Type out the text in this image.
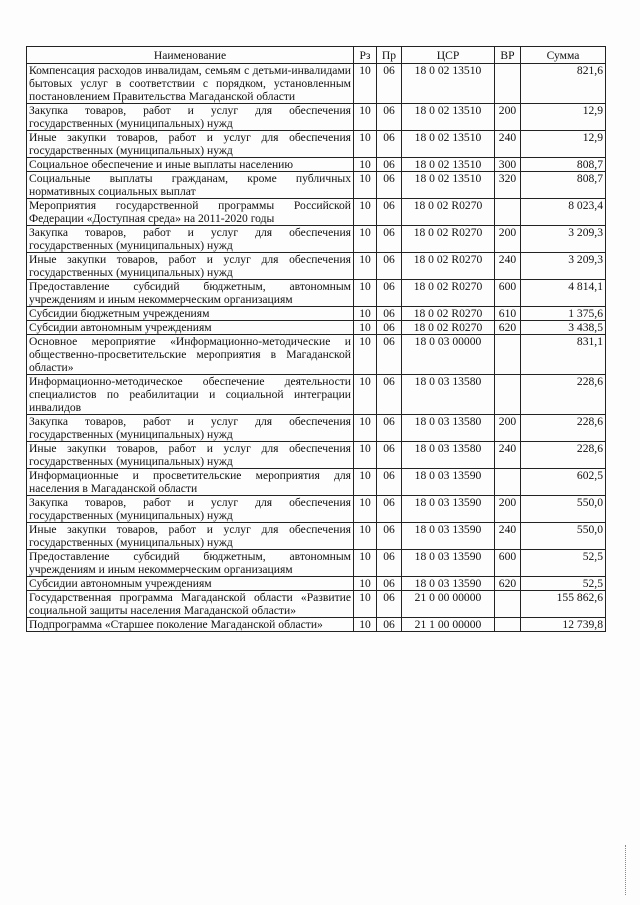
Наименование	Рз	Пр	ЦСР	ВР	Сумма
Компенсация расходов инвалидам, семьям с детьми-инвалидами бытовых услуг в соответствии с порядком, установленным постановлением Правительства Магаданской области	10	06	18 0 02 13510		821,6
Закупка товаров, работ и услуг для обеспечения государственных (муниципальных) нужд	10	06	18 0 02 13510	200	12,9
Иные закупки товаров, работ и услуг для обеспечения государственных (муниципальных) нужд	10	06	18 0 02 13510	240	12,9
Социальное обеспечение и иные выплаты населению	10	06	18 0 02 13510	300	808,7
Социальные выплаты гражданам, кроме публичных нормативных социальных выплат	10	06	18 0 02 13510	320	808,7
Мероприятия государственной программы Российской Федерации «Доступная среда» на 2011-2020 годы	10	06	18 0 02 R0270		8 023,4
Закупка товаров, работ и услуг для обеспечения государственных (муниципальных) нужд	10	06	18 0 02 R0270	200	3 209,3
Иные закупки товаров, работ и услуг для обеспечения государственных (муниципальных) нужд	10	06	18 0 02 R0270	240	3 209,3
Предоставление субсидий бюджетным, автономным учреждениям и иным некоммерческим организациям	10	06	18 0 02 R0270	600	4 814,1
Субсидии бюджетным учреждениям	10	06	18 0 02 R0270	610	1 375,6
Субсидии автономным учреждениям	10	06	18 0 02 R0270	620	3 438,5
Основное мероприятие «Информационно-методические и общественно-просветительские мероприятия в Магаданской области»	10	06	18 0 03 00000		831,1
Информационно-методическое обеспечение деятельности специалистов по реабилитации и социальной интеграции инвалидов	10	06	18 0 03 13580		228,6
Закупка товаров, работ и услуг для обеспечения государственных (муниципальных) нужд	10	06	18 0 03 13580	200	228,6
Иные закупки товаров, работ и услуг для обеспечения государственных (муниципальных) нужд	10	06	18 0 03 13580	240	228,6
Информационные и просветительские мероприятия для населения в Магаданской области	10	06	18 0 03 13590		602,5
Закупка товаров, работ и услуг для обеспечения государственных (муниципальных) нужд	10	06	18 0 03 13590	200	550,0
Иные закупки товаров, работ и услуг для обеспечения государственных (муниципальных) нужд	10	06	18 0 03 13590	240	550,0
Предоставление субсидий бюджетным, автономным учреждениям и иным некоммерческим организациям	10	06	18 0 03 13590	600	52,5
Субсидии автономным учреждениям	10	06	18 0 03 13590	620	52,5
Государственная программа Магаданской области «Развитие социальной защиты населения Магаданской области»	10	06	21 0 00 00000		155 862,6
Подпрограмма «Старшее поколение Магаданской области»	10	06	21 1 00 00000		12 739,8
